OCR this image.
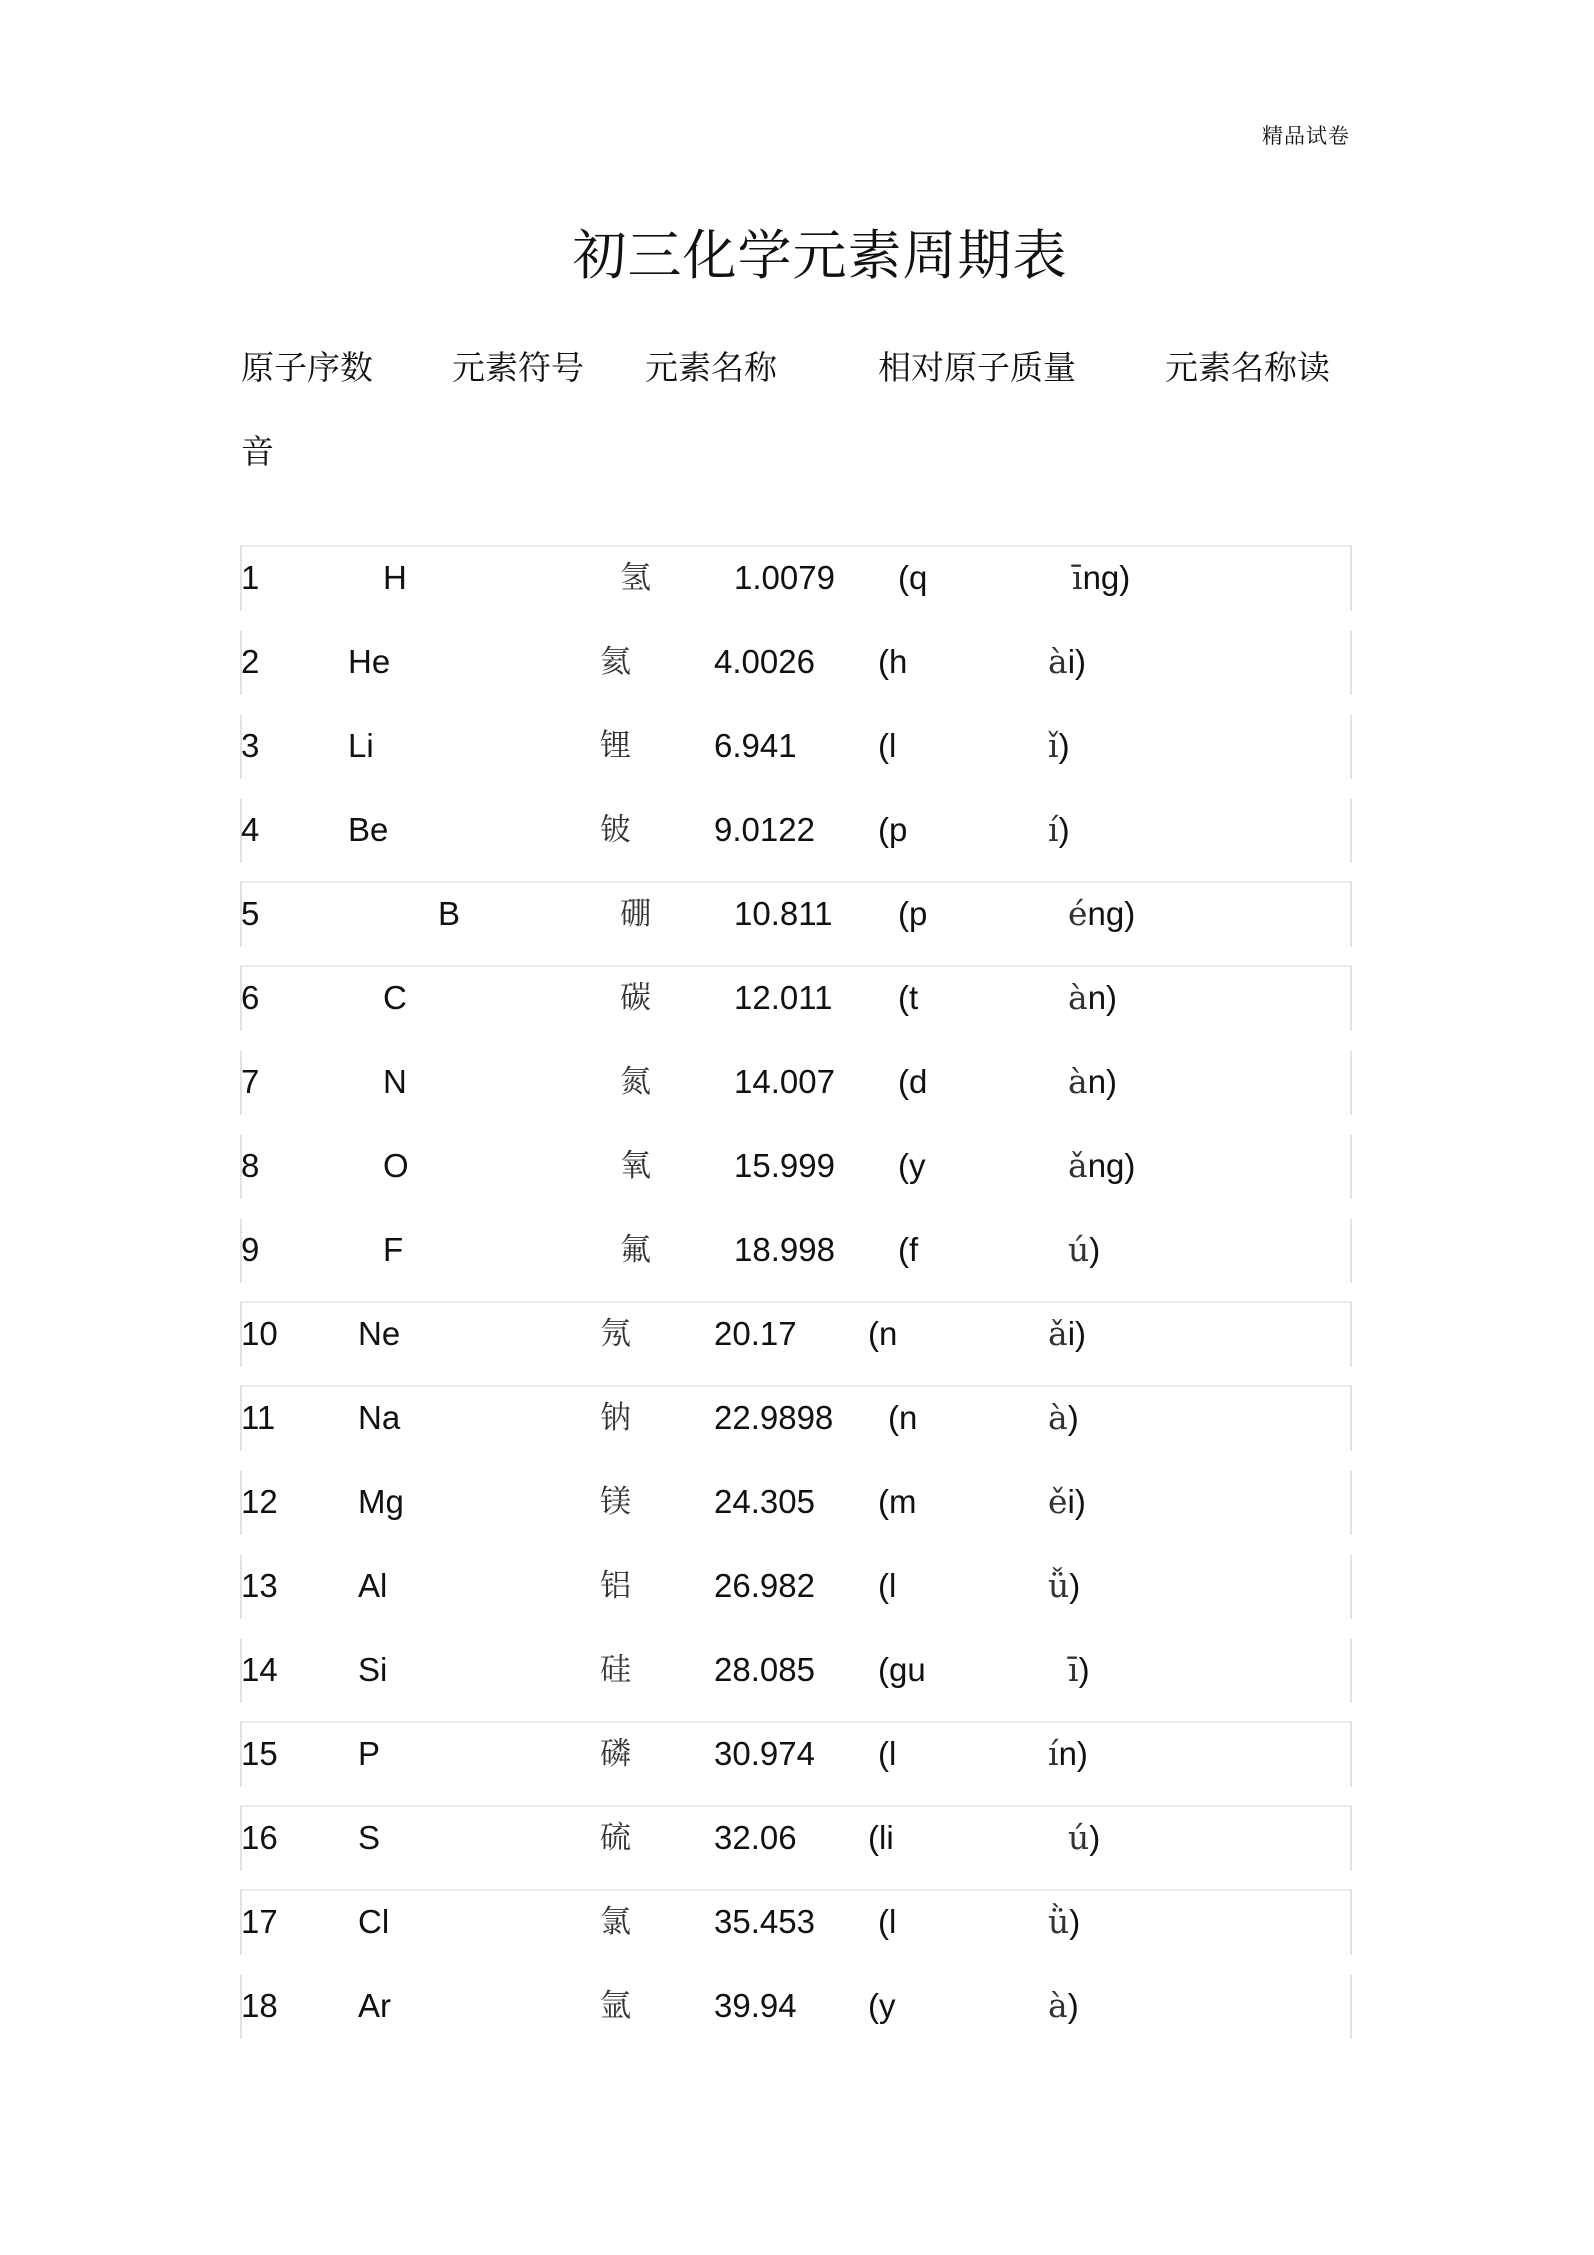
精品试卷
初三化学元素周期表
原子序数 元素符号 元素名称	相对原子质量	元素名称读
音
1	H	氢	1.0079 (q	īng)
2	He	氦	4.0026 (h	ài)
3	Li	锂	6.941 (l	ǐ)
4	Be	铍	9.0122 (p	í)
5	B	硼	10.811 (p	éng)
6	C	碳	12.011 (t	àn)
7	N	氮	14.007 (d	àn)
8	O	氧	15.999 (y	ǎng)
9	F	氟	18.998 (f	ú)
10 Ne	氖	20.17 (n	ǎi)
11	Na	钠	22.9898 (n	à)
12 Mg	镁	24.305 (m	ěi)
13 Al	铝	26.982 (l	ǚ)
14 Si	硅	28.085 (gu	ī)
15 P	磷	30.974 (l	ín)
16 S	硫	32.06 (li	ú)
17 Cl	氯	35.453 (l	ǜ)
18 Ar	氩	39.94 (y	à)
